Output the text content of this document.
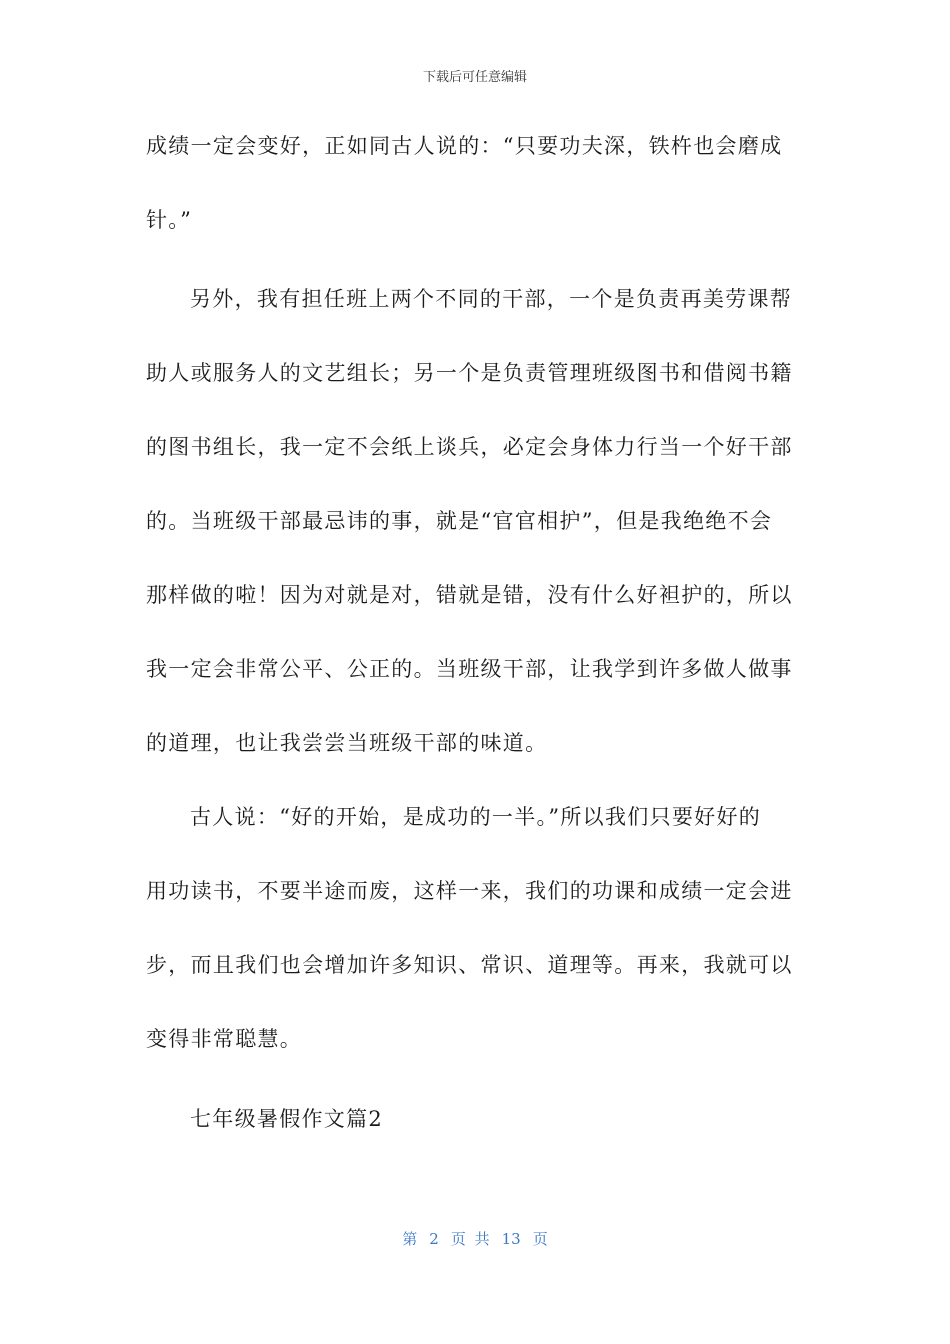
下载后可任意编辑
成绩一定会变好，正如同古人说的：“只要功夫深，铁杵也会磨成
针。”
另外，我有担任班上两个不同的干部，一个是负责再美劳课帮
助人或服务人的文艺组长；另一个是负责管理班级图书和借阅书籍
的图书组长，我一定不会纸上谈兵，必定会身体力行当一个好干部
的。当班级干部最忌讳的事，就是“官官相护”，但是我绝绝不会
那样做的啦！因为对就是对，错就是错，没有什么好袒护的，所以
我一定会非常公平、公正的。当班级干部，让我学到许多做人做事
的道理，也让我尝尝当班级干部的味道。
古人说：“好的开始，是成功的一半。”所以我们只要好好的
用功读书，不要半途而废，这样一来，我们的功课和成绩一定会进
步，而且我们也会增加许多知识、常识、道理等。再来，我就可以
变得非常聪慧。
七年级暑假作文篇2
第 2 页 共 13 页
